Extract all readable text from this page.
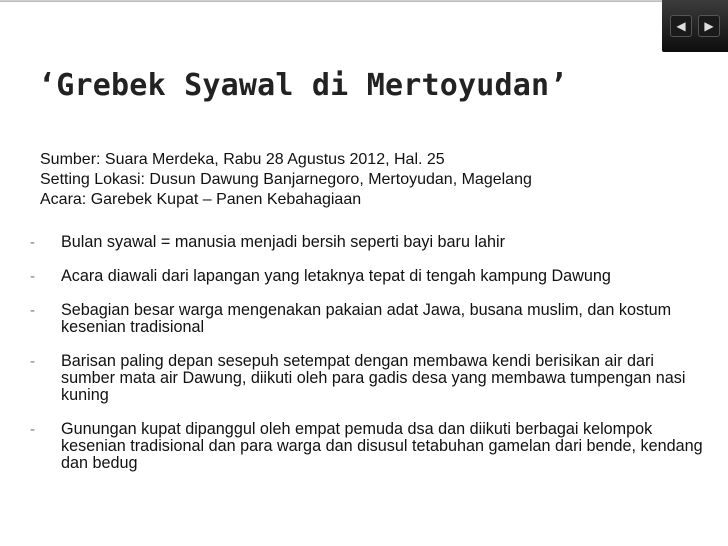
◀	▶
‘Grebek Syawal di Mertoyudan’
Sumber: Suara Merdeka, Rabu 28 Agustus 2012, Hal. 25
Setting Lokasi: Dusun Dawung Banjarnegoro, Mertoyudan, Magelang
Acara: Garebek Kupat – Panen Kebahagiaan
- Bulan syawal = manusia menjadi bersih seperti bayi baru lahir
- Acara diawali dari lapangan yang letaknya tepat di tengah kampung Dawung
- Sebagian besar warga mengenakan pakaian adat Jawa, busana muslim, dan kostum kesenian tradisional
- Barisan paling depan sesepuh setempat dengan membawa kendi berisikan air dari sumber mata air Dawung, diikuti oleh para gadis desa yang membawa tumpengan nasi kuning
- Gunungan kupat dipanggul oleh empat pemuda dsa dan diikuti berbagai kelompok kesenian tradisional dan para warga dan disusul tetabuhan gamelan dari bende, kendang dan bedug
